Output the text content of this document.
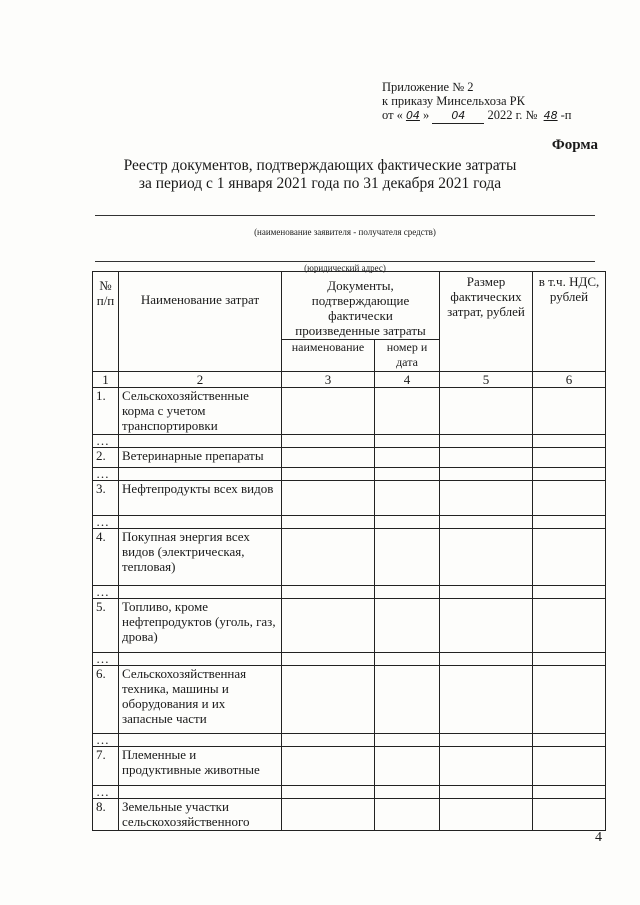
Приложение № 2
к приказу Минсельхоза РК
от « 04 » 04 2022 г. № 48 -п
Форма
Реестр документов, подтверждающих фактические затраты
за период с 1 января 2021 года по 31 декабря 2021 года
(наименование заявителя - получателя средств)
(юридический адрес)
№ п/п	Наименование затрат	Документы, подтверждающие фактически произведенные затраты		Размер фактических затрат, рублей	в т.ч. НДС, рублей
		наименование	номер и дата		
1	2	3	4	5	6
1.	Сельскохозяйственные корма с учетом транспортировки				
…					
2.	Ветеринарные препараты				
…					
3.	Нефтепродукты всех видов				
…					
4.	Покупная энергия всех видов (электрическая, тепловая)				
…					
5.	Топливо, кроме нефтепродуктов (уголь, газ, дрова)				
…					
6.	Сельскохозяйственная техника, машины и оборудования и их запасные части				
…					
7.	Племенные и продуктивные животные				
…					
8.	Земельные участки сельскохозяйственного				
4
